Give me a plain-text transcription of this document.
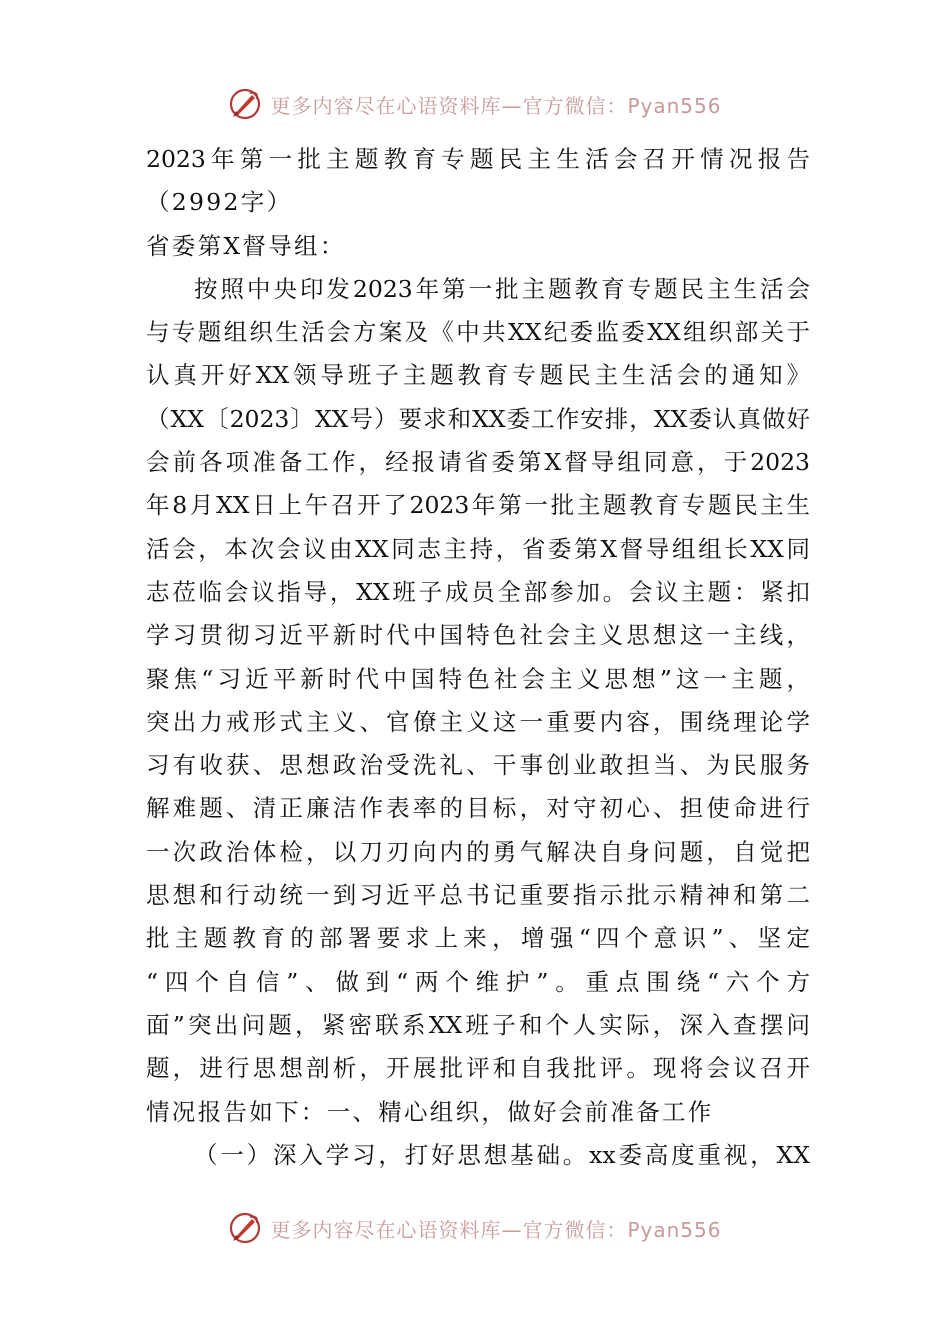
更多内容尽在心语资料库—官方微信：Pyan556
2023年第一批主题教育专题民主生活会召开情况报告
（2992字）
省委第X督导组：
按照中央印发2023年第一批主题教育专题民主生活会
与专题组织生活会方案及《中共XX纪委监委XX组织部关于
认真开好XX领导班子主题教育专题民主生活会的通知》
（XX〔2023〕XX号）要求和XX委工作安排，XX委认真做好
会前各项准备工作，经报请省委第X督导组同意，于2023
年8月XX日上午召开了2023年第一批主题教育专题民主生
活会，本次会议由XX同志主持，省委第X督导组组长XX同
志莅临会议指导，XX班子成员全部参加。会议主题：紧扣
学习贯彻习近平新时代中国特色社会主义思想这一主线，
聚焦“习近平新时代中国特色社会主义思想”这一主题，
突出力戒形式主义、官僚主义这一重要内容，围绕理论学
习有收获、思想政治受洗礼、干事创业敢担当、为民服务
解难题、清正廉洁作表率的目标，对守初心、担使命进行
一次政治体检，以刀刃向内的勇气解决自身问题，自觉把
思想和行动统一到习近平总书记重要指示批示精神和第二
批主题教育的部署要求上来，增强“四个意识”、坚定
“四个自信”、做到“两个维护”。重点围绕“六个方
面”突出问题，紧密联系XX班子和个人实际，深入查摆问
题，进行思想剖析，开展批评和自我批评。现将会议召开
情况报告如下：一、精心组织，做好会前准备工作
（一）深入学习，打好思想基础。xx委高度重视，XX
更多内容尽在心语资料库—官方微信：Pyan556
